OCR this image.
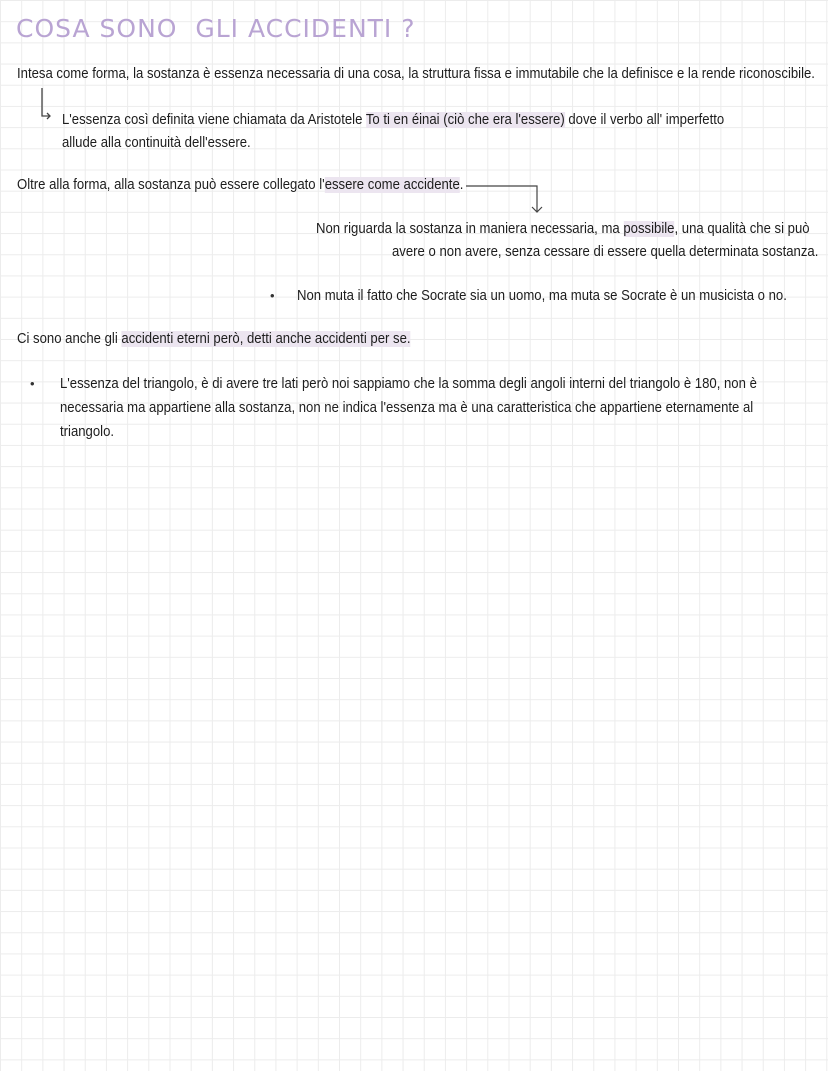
COSA SONO  GLI ACCIDENTI ?

Intesa come forma, la sostanza è essenza necessaria di una cosa, la struttura fissa e immutabile che la definisce e la rende riconoscibile.

L'essenza così definita viene chiamata da Aristotele To ti en éinai (ciò che era l'essere) dove il verbo all' imperfetto

allude alla continuità dell'essere.

Oltre alla forma, alla sostanza può essere collegato l'essere come accidente.

Non riguarda la sostanza in maniera necessaria, ma possibile, una qualità che si può

avere o non avere, senza cessare di essere quella determinata sostanza.

• Non muta il fatto che Socrate sia un uomo, ma muta se Socrate è un musicista o no.

Ci sono anche gli accidenti eterni però, detti anche accidenti per se.

• L'essenza del triangolo, è di avere tre lati però noi sappiamo che la somma degli angoli interni del triangolo è 180, non è

necessaria ma appartiene alla sostanza, non ne indica l'essenza ma è una caratteristica che appartiene eternamente al

triangolo.
